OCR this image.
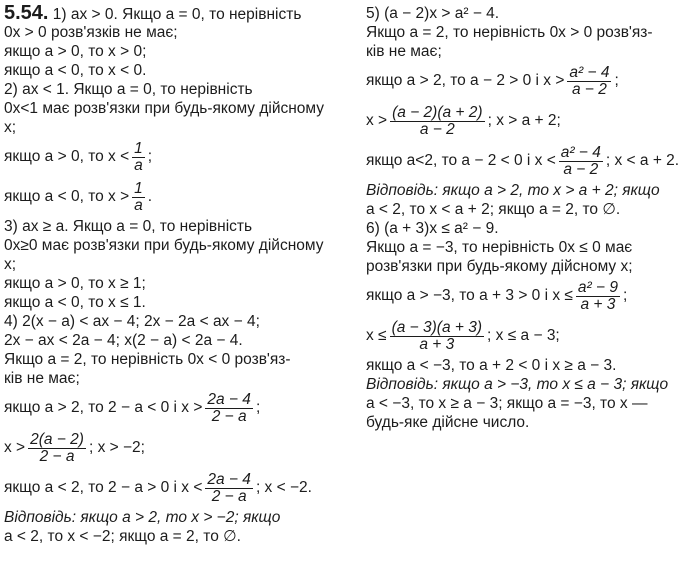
5.54. 1) ax > 0. Якщо a = 0, то нерівність
0x > 0 розв'язків не має;
якщо a > 0, то x > 0;
якщо a < 0, то x < 0.
2) ax < 1. Якщо a = 0, то нерівність
0x<1 має розв'язки при будь-якому дійсному
x;
якщо a > 0, то $x < \frac{1}{a}$ ;
якщо a < 0, то $x > \frac{1}{a}$ .
3) ax ≥ a. Якщо a = 0, то нерівність
0x≥0 має розв'язки при будь-якому дійсному
x;
якщо a > 0, то x ≥ 1;
якщо a < 0, то x ≤ 1.
4) 2(x − a) < ax − 4; 2x − 2a < ax − 4;
2x − ax < 2a − 4; x(2 − a) < 2a − 4.
Якщо a = 2, то нерівність 0x < 0 розв'яз-
ків не має;
якщо a > 2, то 2 − a < 0 і $x > \frac{2a - 4}{2 - a}$ ;
$x > \frac{2(a - 2)}{2 - a}$ ; x > −2;
якщо a < 2, то 2 − a > 0 і $x < \frac{2a - 4}{2 - a}$ ; x < −2.
Відповідь: якщо a > 2, то x > −2; якщо
a < 2, то x < −2; якщо a = 2, то ∅.
5) (a − 2)x > a² − 4.
Якщо a = 2, то нерівність 0x > 0 розв'яз-
ків не має;
якщо a > 2, то a − 2 > 0 і $x > \frac{\text{a² − 4}}{a - 2}$ ;
$x > \frac{(a - 2)(a + 2)}{a - 2}$ ; x > a + 2;
якщо a<2, то a − 2 < 0 і $x < \frac{\text{a² − 4}}{a - 2}$ ; x < a + 2.
Відповідь: якщо a > 2, то x > a + 2; якщо
a < 2, то x < a + 2; якщо a = 2, то ∅.
6) (a + 3)x ≤ a² − 9.
Якщо a = −3, то нерівність 0x ≤ 0 має
розв'язки при будь-якому дійсному x;
якщо a > −3, то a + 3 > 0 і $x \le \frac{\text{a² − 9}}{a + 3}$ ;
$x \le \frac{(a - 3)(a + 3)}{a + 3}$ ; x ≤ a − 3;
якщо a < −3, то a + 2 < 0 і x ≥ a − 3.
Відповідь: якщо a > −3, то x ≤ a − 3; якщо
a < −3, то x ≥ a − 3; якщо a = −3, то x —
будь-яке дійсне число.
